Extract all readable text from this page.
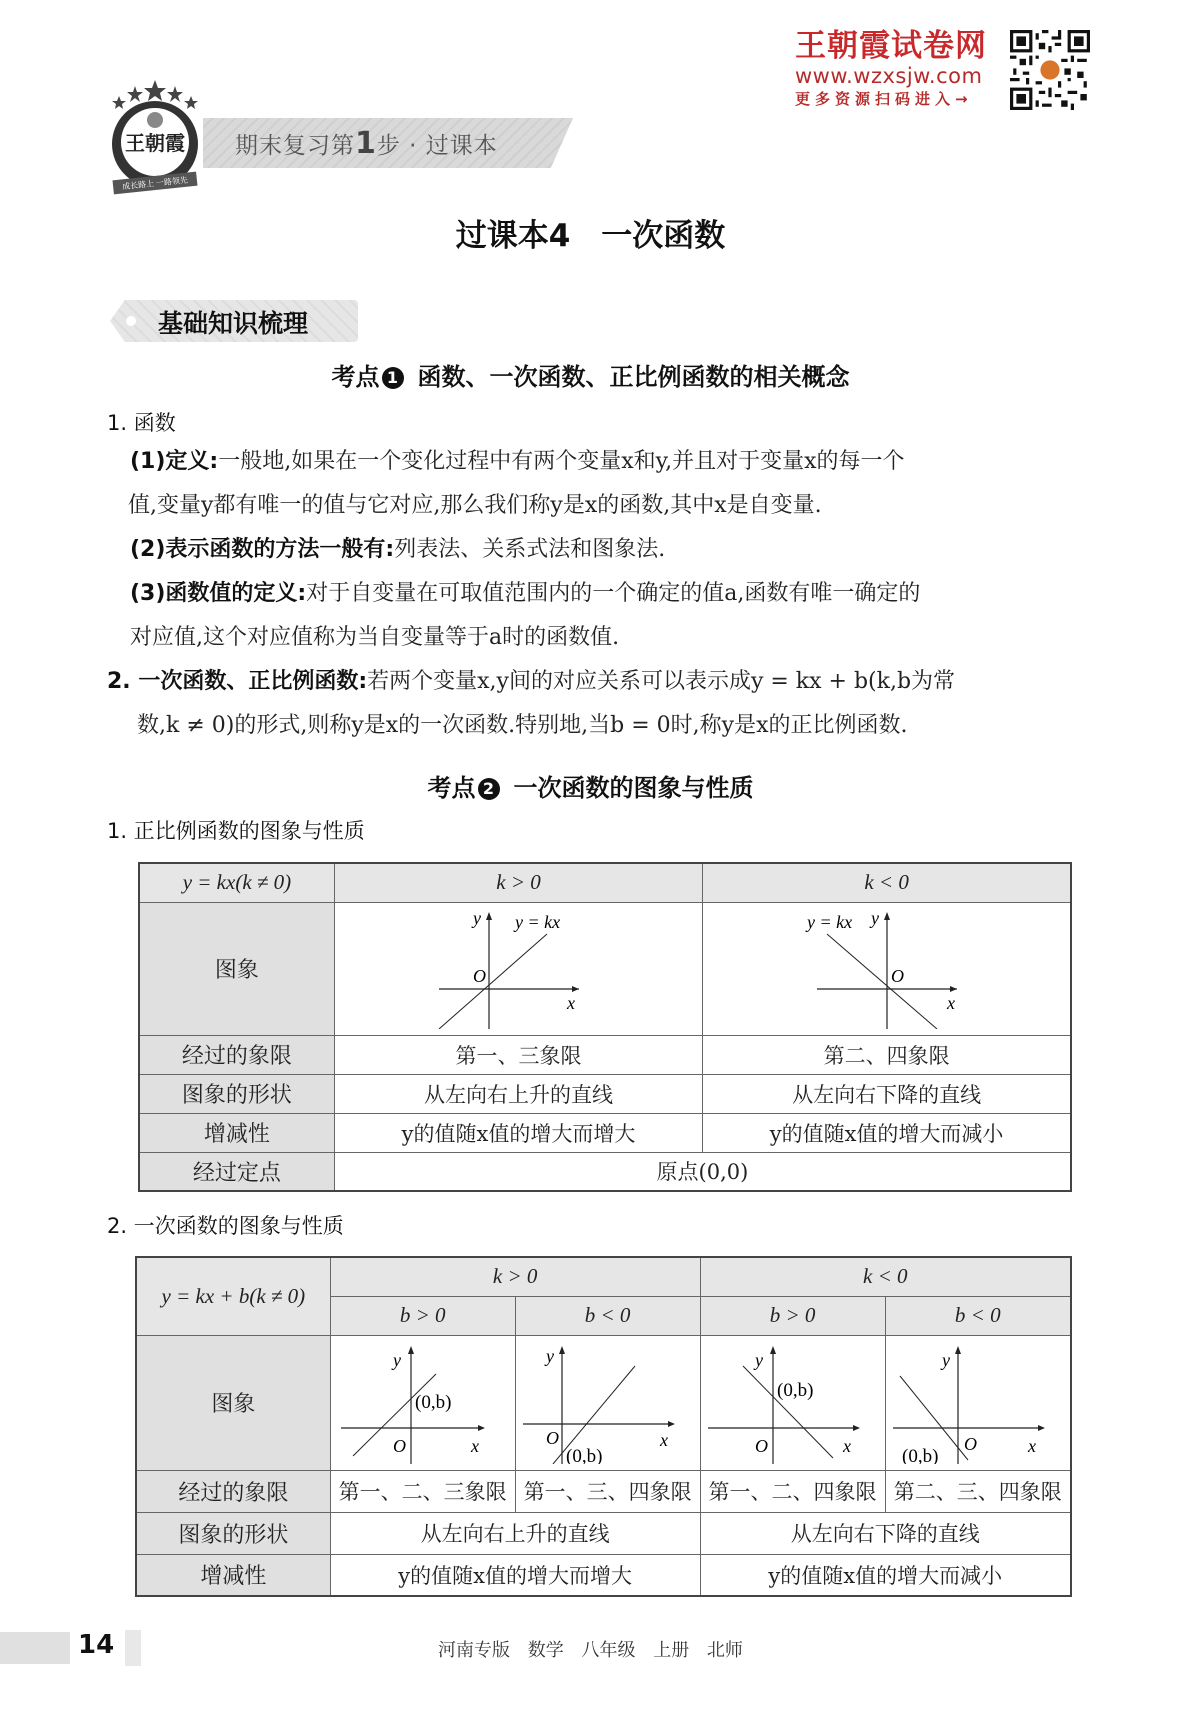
王朝霞
成长路上 一路领先
期末复习第1步 · 过课本
王朝霞试卷网
www.wzxsjw.com
更多资源扫码进入→
过课本4　一次函数
基础知识梳理
考点 1 函数、一次函数、正比例函数的相关概念
1. 函数
(1)定义:一般地,如果在一个变化过程中有两个变量x和y,并且对于变量x的每一个
值,变量y都有唯一的值与它对应,那么我们称y是x的函数,其中x是自变量.
(2)表示函数的方法一般有:列表法、关系式法和图象法.
(3)函数值的定义:对于自变量在可取值范围内的一个确定的值a,函数有唯一确定的
对应值,这个对应值称为当自变量等于a时的函数值.
2. 一次函数、正比例函数:若两个变量x,y间的对应关系可以表示成y = kx + b(k,b为常
数,k ≠ 0)的形式,则称y是x的一次函数.特别地,当b = 0时,称y是x的正比例函数.
考点 2 一次函数的图象与性质
1. 正比例函数的图象与性质
y = kx(k ≠ 0)	k > 0	k < 0
图象	y
x
O
y = kx	y
x
O
y = kx

经过的象限	第一、三象限	第二、四象限
图象的形状	从左向右上升的直线	从左向右下降的直线
增减性	y的值随x值的增大而增大	y的值随x值的增大而减小
经过定点	原点(0,0)	
2. 一次函数的图象与性质
y = kx + b(k ≠ 0)	k > 0		k < 0	
	b > 0	b < 0	b > 0	b < 0
图象	y
x
O
(0,b)	y
x
O
(0,b)	y
x
O
(0,b)	y
x
O
(0,b)

经过的象限	第一、二、三象限	第一、三、四象限	第一、二、四象限	第二、三、四象限
图象的形状	从左向右上升的直线		从左向右下降的直线	
增减性	y的值随x值的增大而增大		y的值随x值的增大而减小	
14	河南专版 数学 八年级 上册 北师
